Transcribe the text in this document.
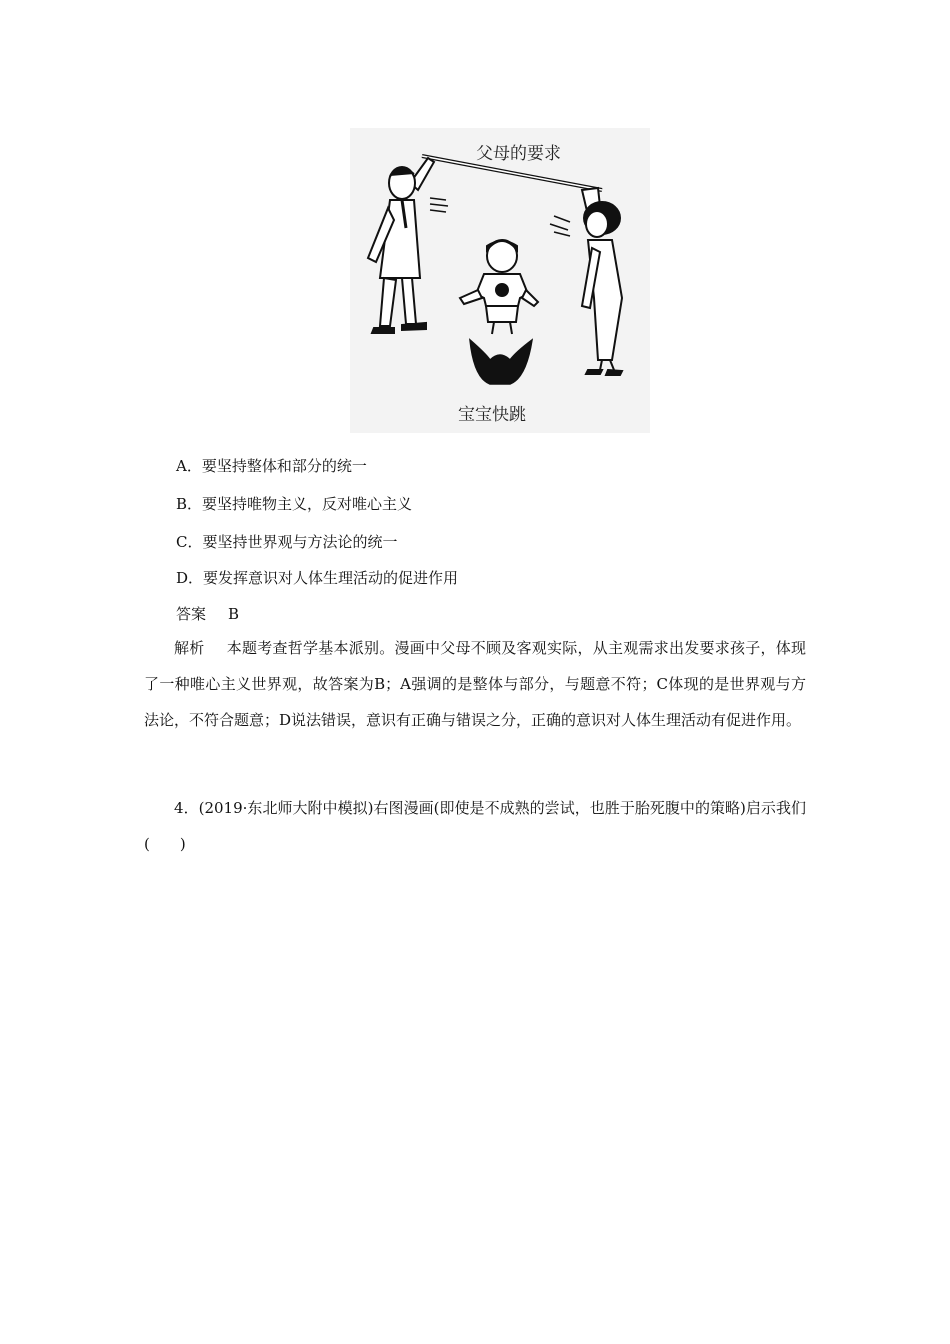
父母的要求
宝宝快跳
A．要坚持整体和部分的统一
B．要坚持唯物主义，反对唯心主义
C．要坚持世界观与方法论的统一
D．要发挥意识对人体生理活动的促进作用
答案 B
解析 本题考查哲学基本派别。漫画中父母不顾及客观实际，从主观需求出发要求孩子，体现了一种唯心主义世界观，故答案为B；A强调的是整体与部分，与题意不符；C体现的是世界观与方法论，不符合题意；D说法错误，意识有正确与错误之分，正确的意识对人体生理活动有促进作用。
4．(2019·东北师大附中模拟)右图漫画(即使是不成熟的尝试，也胜于胎死腹中的策略)启示我们(　　)
